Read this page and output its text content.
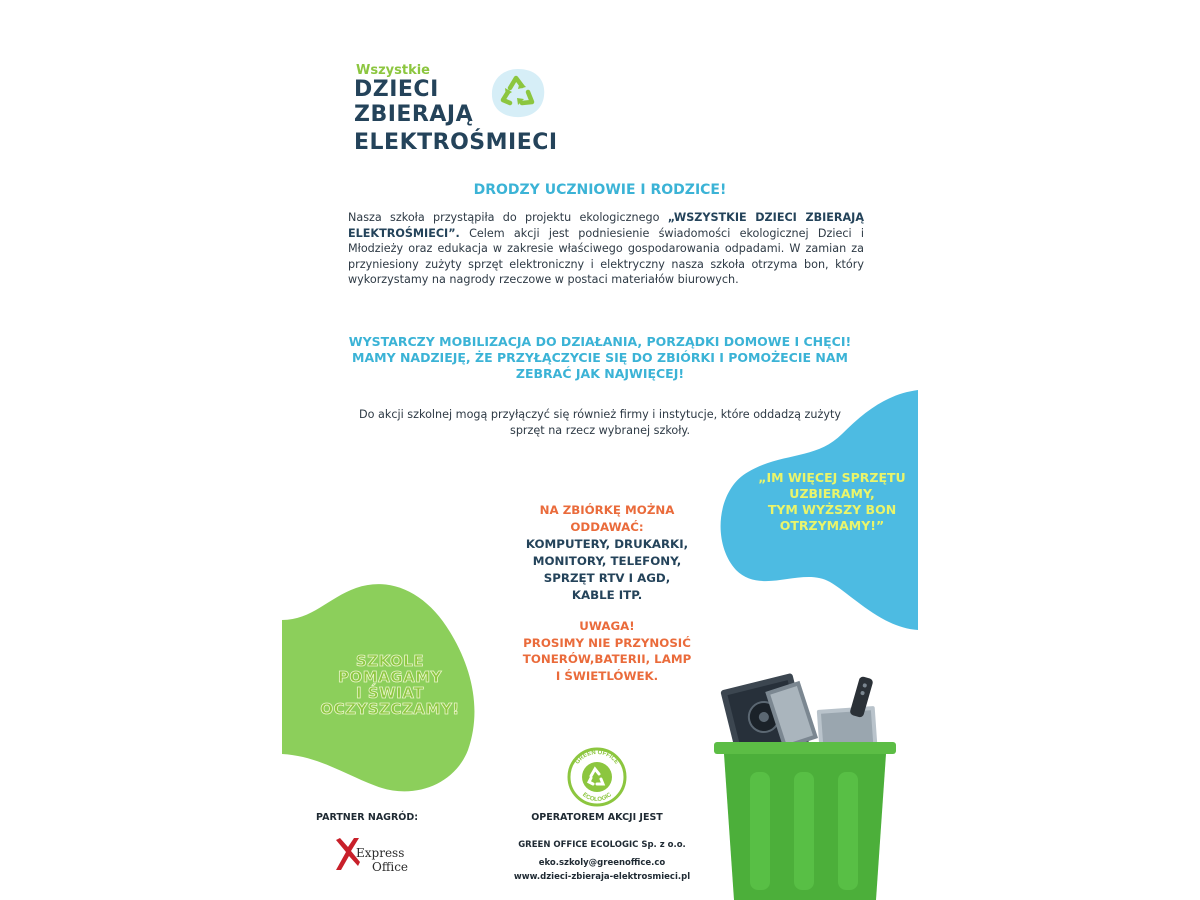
Wszystkie
DZIECI
ZBIERAJĄ
ELEKTROŚMIECI
DRODZY UCZNIOWIE I RODZICE!
Nasza szkoła przystąpiła do projektu ekologicznego „WSZYSTKIE DZIECI ZBIERAJĄ ELEKTROŚMIECI”. Celem akcji jest podniesienie świadomości ekologicznej Dzieci i Młodzieży oraz edukacja w zakresie właściwego gospodarowania odpadami. W zamian za przyniesiony zużyty sprzęt elektroniczny i elektryczny nasza szkoła otrzyma bon, który wykorzystamy na nagrody rzeczowe w postaci materiałów biurowych.
WYSTARCZY MOBILIZACJA DO DZIAŁANIA, PORZĄDKI DOMOWE I CHĘCI!
MAMY NADZIEJĘ, ŻE PRZYŁĄCZYCIE SIĘ DO ZBIÓRKI I POMOŻECIE NAM
ZEBRAĆ JAK NAJWIĘCEJ!
Do akcji szkolnej mogą przyłączyć się również firmy i instytucje, które oddadzą zużyty sprzęt na rzecz wybranej szkoły.
„IM WIĘCEJ SPRZĘTU
UZBIERAMY,
TYM WYŻSZY BON
OTRZYMAMY!”
NA ZBIÓRKĘ MOŻNA
ODDAWAĆ:
KOMPUTERY, DRUKARKI,
MONITORY, TELEFONY,
SPRZĘT RTV I AGD,
KABLE ITP.
UWAGA!
PROSIMY NIE PRZYNOSIĆ
TONERÓW,BATERII, LAMP
I ŚWIETLÓWEK.
SZKOLE
POMAGAMY
I ŚWIAT
OCZYSZCZAMY!
GREEN OFFICE
ECOLOGIC
PARTNER NAGRÓD:
Express
Office
OPERATOREM AKCJI JEST
GREEN OFFICE ECOLOGIC Sp. z o.o.
eko.szkoly@greenoffice.co
www.dzieci-zbieraja-elektrosmieci.pl
